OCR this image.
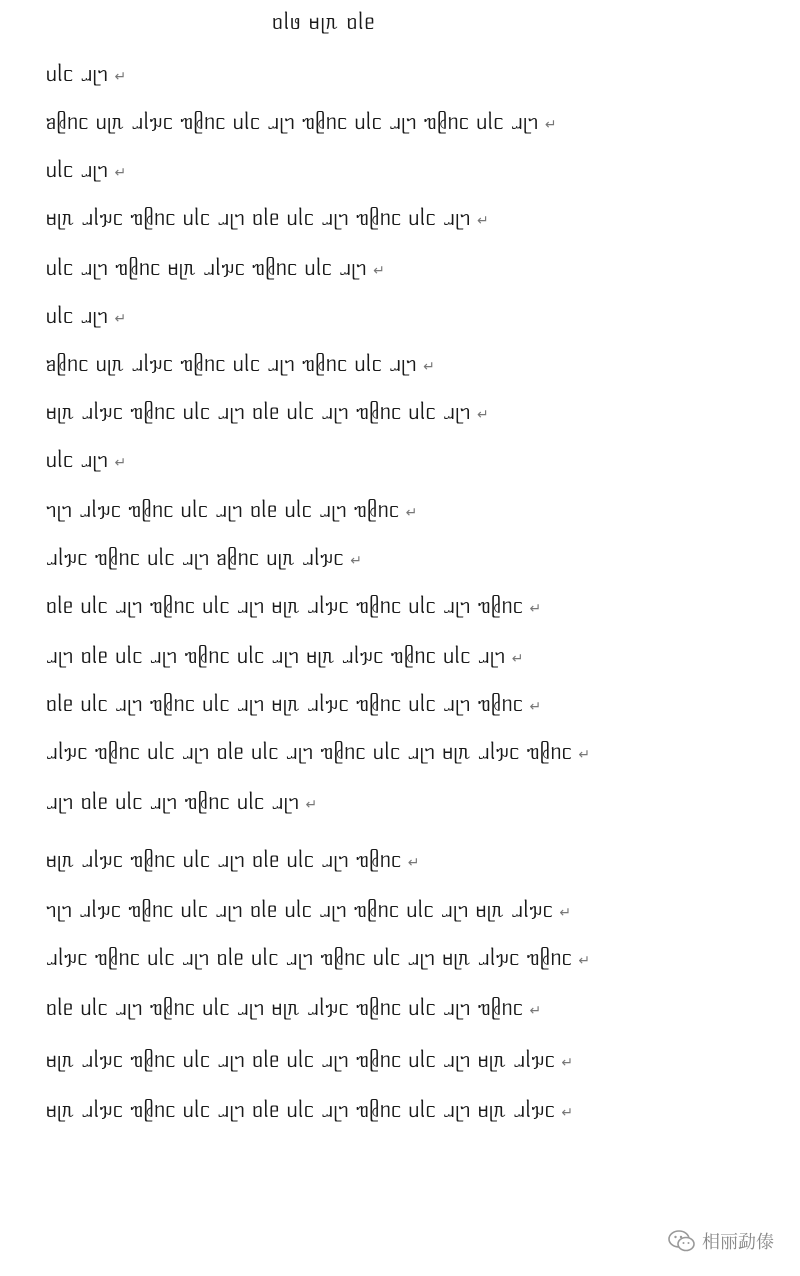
ᥝᥣᥳ ᥛᥨᥰ ᥝᥣᥱ
ᥙᥣᥴ ᥘᥨᥐ ↵
ᥑᥪᥒᥴ ᥙᥨᥰ ᥘᥣᥭᥴ ᥓᥪᥒᥴ ᥙᥣᥴ ᥘᥨᥐ ᥓᥪᥒᥴ ᥙᥣᥴ ᥘᥨᥐ ᥓᥪᥒᥴ ᥙᥣᥴ ᥘᥨᥐ ↵
ᥙᥣᥴ ᥘᥨᥐ ↵
ᥛᥨᥰ ᥘᥣᥭᥴ ᥓᥪᥒᥴ ᥙᥣᥴ ᥘᥨᥐ ᥝᥣᥱ ᥙᥣᥴ ᥘᥨᥐ ᥓᥪᥒᥴ ᥙᥣᥴ ᥘᥨᥐ ↵
ᥙᥣᥴ ᥘᥨᥐ ᥓᥪᥒᥴ ᥛᥨᥰ ᥘᥣᥭᥴ ᥓᥪᥒᥴ ᥙᥣᥴ ᥘᥨᥐ ↵
ᥙᥣᥴ ᥘᥨᥐ ↵
ᥑᥪᥒᥴ ᥙᥨᥰ ᥘᥣᥭᥴ ᥓᥪᥒᥴ ᥙᥣᥴ ᥘᥨᥐ ᥓᥪᥒᥴ ᥙᥣᥴ ᥘᥨᥐ ↵
ᥛᥨᥰ ᥘᥣᥭᥴ ᥓᥪᥒᥴ ᥙᥣᥴ ᥘᥨᥐ ᥝᥣᥱ ᥙᥣᥴ ᥘᥨᥐ ᥓᥪᥒᥴ ᥙᥣᥴ ᥘᥨᥐ ↵
ᥙᥣᥴ ᥘᥨᥐ ↵
ᥐᥨᥐ ᥘᥣᥭᥴ ᥓᥪᥒᥴ ᥙᥣᥴ ᥘᥨᥐ ᥝᥣᥱ ᥙᥣᥴ ᥘᥨᥐ ᥓᥪᥒᥴ ↵
ᥘᥣᥭᥴ ᥓᥪᥒᥴ ᥙᥣᥴ ᥘᥨᥐ ᥑᥪᥒᥴ ᥙᥨᥰ ᥘᥣᥭᥴ ↵
ᥝᥣᥱ ᥙᥣᥴ ᥘᥨᥐ ᥓᥪᥒᥴ ᥙᥣᥴ ᥘᥨᥐ ᥛᥨᥰ ᥘᥣᥭᥴ ᥓᥪᥒᥴ ᥙᥣᥴ ᥘᥨᥐ ᥓᥪᥒᥴ ↵
ᥘᥨᥐ ᥝᥣᥱ ᥙᥣᥴ ᥘᥨᥐ ᥓᥪᥒᥴ ᥙᥣᥴ ᥘᥨᥐ ᥛᥨᥰ ᥘᥣᥭᥴ ᥓᥪᥒᥴ ᥙᥣᥴ ᥘᥨᥐ ↵
ᥝᥣᥱ ᥙᥣᥴ ᥘᥨᥐ ᥓᥪᥒᥴ ᥙᥣᥴ ᥘᥨᥐ ᥛᥨᥰ ᥘᥣᥭᥴ ᥓᥪᥒᥴ ᥙᥣᥴ ᥘᥨᥐ ᥓᥪᥒᥴ ↵
ᥘᥣᥭᥴ ᥓᥪᥒᥴ ᥙᥣᥴ ᥘᥨᥐ ᥝᥣᥱ ᥙᥣᥴ ᥘᥨᥐ ᥓᥪᥒᥴ ᥙᥣᥴ ᥘᥨᥐ ᥛᥨᥰ ᥘᥣᥭᥴ ᥓᥪᥒᥴ ↵
ᥘᥨᥐ ᥝᥣᥱ ᥙᥣᥴ ᥘᥨᥐ ᥓᥪᥒᥴ ᥙᥣᥴ ᥘᥨᥐ ↵
ᥛᥨᥰ ᥘᥣᥭᥴ ᥓᥪᥒᥴ ᥙᥣᥴ ᥘᥨᥐ ᥝᥣᥱ ᥙᥣᥴ ᥘᥨᥐ ᥓᥪᥒᥴ ↵
ᥐᥨᥐ ᥘᥣᥭᥴ ᥓᥪᥒᥴ ᥙᥣᥴ ᥘᥨᥐ ᥝᥣᥱ ᥙᥣᥴ ᥘᥨᥐ ᥓᥪᥒᥴ ᥙᥣᥴ ᥘᥨᥐ ᥛᥨᥰ ᥘᥣᥭᥴ ↵
ᥘᥣᥭᥴ ᥓᥪᥒᥴ ᥙᥣᥴ ᥘᥨᥐ ᥝᥣᥱ ᥙᥣᥴ ᥘᥨᥐ ᥓᥪᥒᥴ ᥙᥣᥴ ᥘᥨᥐ ᥛᥨᥰ ᥘᥣᥭᥴ ᥓᥪᥒᥴ ↵
ᥝᥣᥱ ᥙᥣᥴ ᥘᥨᥐ ᥓᥪᥒᥴ ᥙᥣᥴ ᥘᥨᥐ ᥛᥨᥰ ᥘᥣᥭᥴ ᥓᥪᥒᥴ ᥙᥣᥴ ᥘᥨᥐ ᥓᥪᥒᥴ ↵
ᥛᥨᥰ ᥘᥣᥭᥴ ᥓᥪᥒᥴ ᥙᥣᥴ ᥘᥨᥐ ᥝᥣᥱ ᥙᥣᥴ ᥘᥨᥐ ᥓᥪᥒᥴ ᥙᥣᥴ ᥘᥨᥐ ᥛᥨᥰ ᥘᥣᥭᥴ ↵
ᥛᥨᥰ ᥘᥣᥭᥴ ᥓᥪᥒᥴ ᥙᥣᥴ ᥘᥨᥐ ᥝᥣᥱ ᥙᥣᥴ ᥘᥨᥐ ᥓᥪᥒᥴ ᥙᥣᥴ ᥘᥨᥐ ᥛᥨᥰ ᥘᥣᥭᥴ ↵
相丽勐傣
